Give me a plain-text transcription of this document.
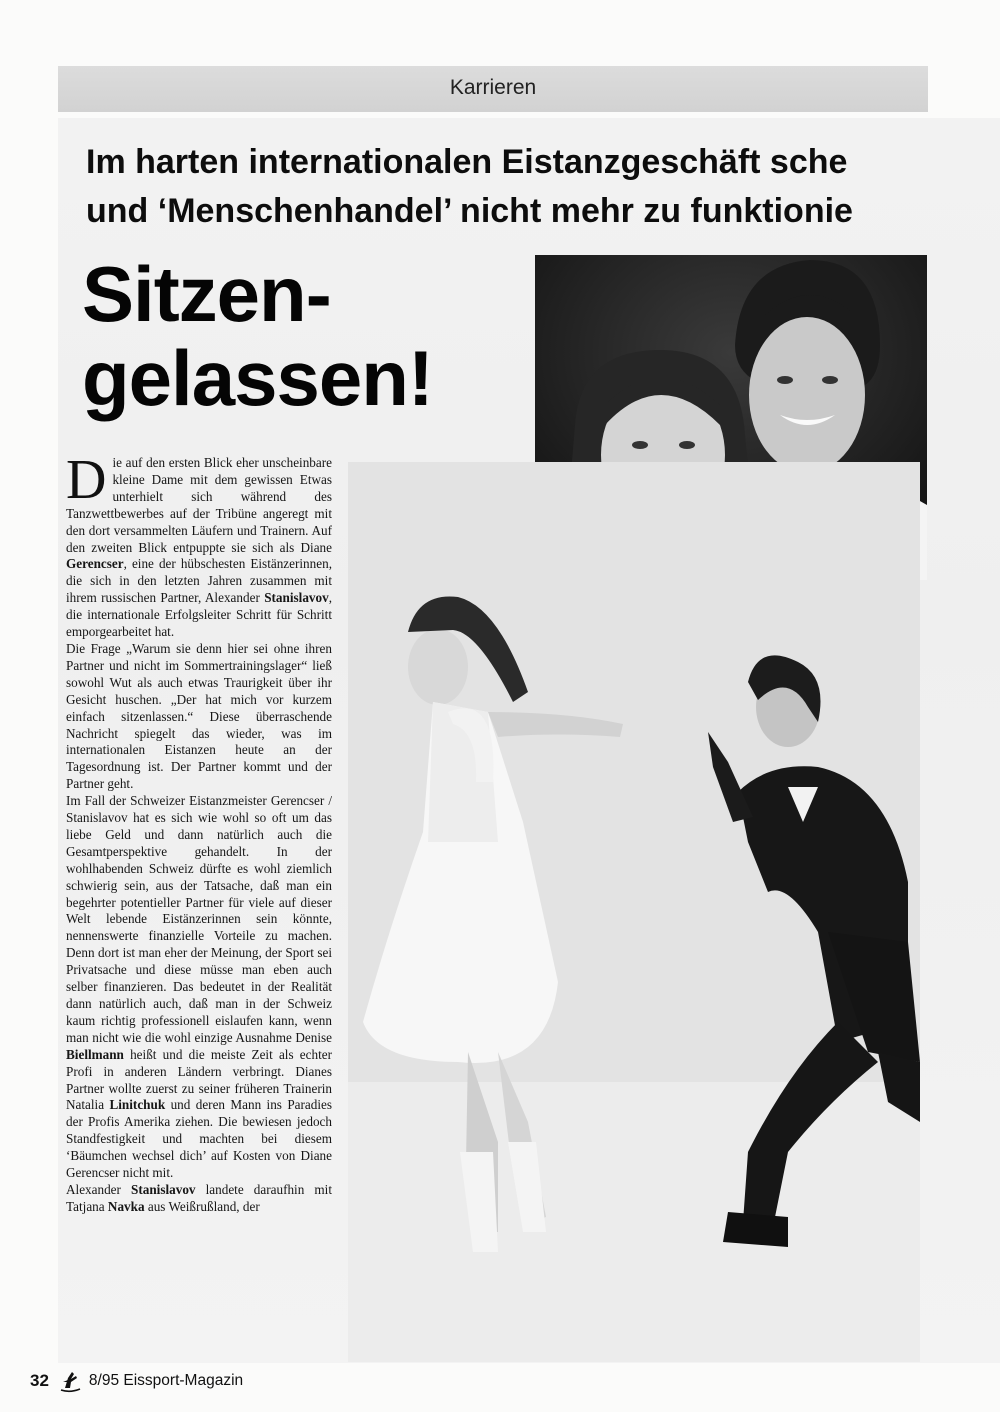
Karrieren
Im harten internationalen Eistanzgeschäft sche
und ‘Menschenhandel’ nicht mehr zu funktionie
Sitzen-
gelassen!

Die auf den ersten Blick eher unscheinbare kleine Dame mit dem gewissen Etwas unterhielt sich während des Tanzwettbewerbes auf der Tribüne angeregt mit den dort versammelten Läufern und Trainern. Auf den zweiten Blick entpuppte sie sich als Diane Gerencser, eine der hübschesten Eistänzerinnen, die sich in den letzten Jahren zusammen mit ihrem russischen Partner, Alexander Stanislavov, die internationale Erfolgsleiter Schritt für Schritt emporgearbeitet hat.

Die Frage „Warum sie denn hier sei ohne ihren Partner und nicht im Sommertrainingslager“ ließ sowohl Wut als auch etwas Traurigkeit über ihr Gesicht huschen. „Der hat mich vor kurzem einfach sitzenlassen.“ Diese überraschende Nachricht spiegelt das wieder, was im internationalen Eistanzen heute an der Tagesordnung ist. Der Partner kommt und der Partner geht.

Im Fall der Schweizer Eistanzmeister Gerencser / Stanislavov hat es sich wie wohl so oft um das liebe Geld und dann natürlich auch die Gesamtperspektive gehandelt. In der wohlhabenden Schweiz dürfte es wohl ziemlich schwierig sein, aus der Tatsache, daß man ein begehrter potentieller Partner für viele auf dieser Welt lebende Eistänzerinnen sein könnte, nennenswerte finanzielle Vorteile zu machen. Denn dort ist man eher der Meinung, der Sport sei Privatsache und diese müsse man eben auch selber finanzieren. Das bedeutet in der Realität dann natürlich auch, daß man in der Schweiz kaum richtig professionell eislaufen kann, wenn man nicht wie die wohl einzige Ausnahme Denise Biellmann heißt und die meiste Zeit als echter Profi in anderen Ländern verbringt. Dianes Partner wollte zuerst zu seiner früheren Trainerin Natalia Linitchuk und deren Mann ins Paradies der Profis Amerika ziehen. Die bewiesen jedoch Standfestigkeit und machten bei diesem ‘Bäumchen wechsel dich’ auf Kosten von Diane Gerencser nicht mit.

Alexander Stanislavov landete daraufhin mit Tatjana Navka aus Weißrußland, der

32	8/95 Eissport-Magazin
